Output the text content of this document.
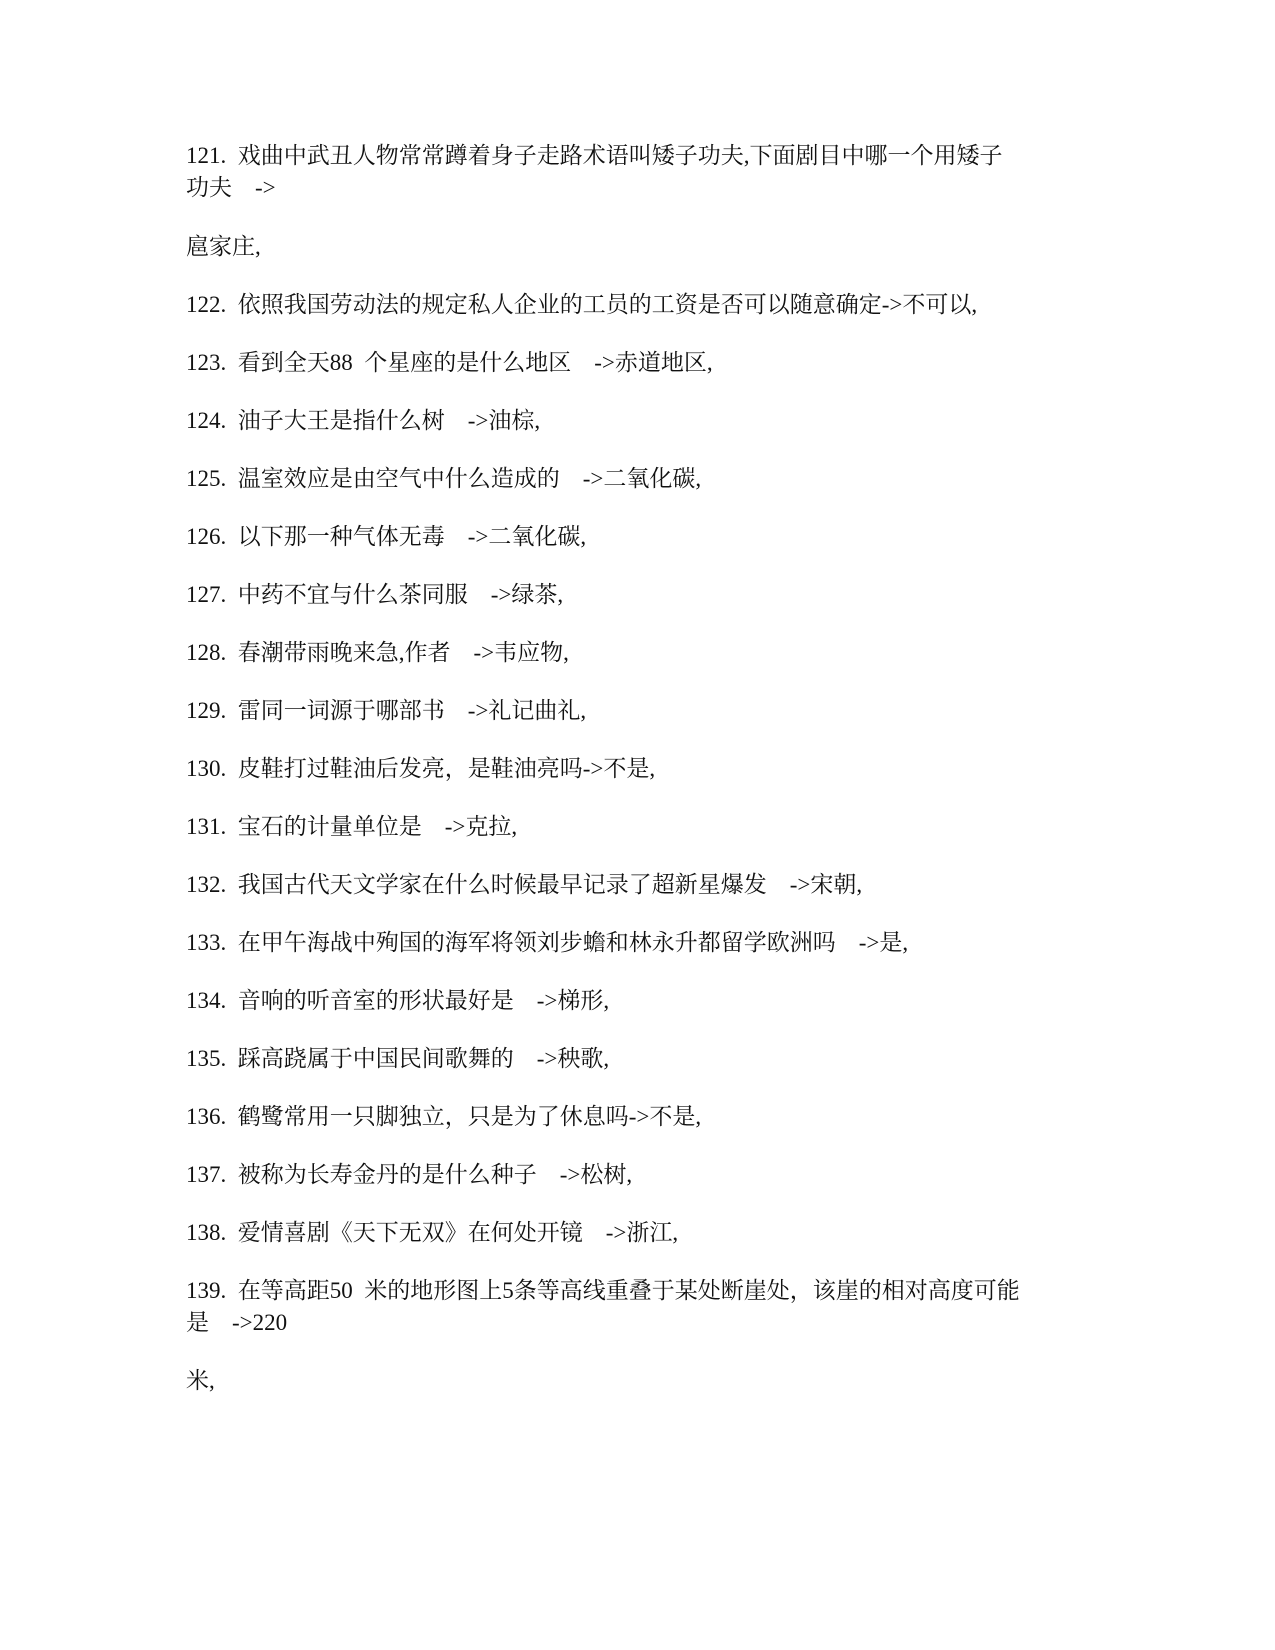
121.  戏曲中武丑人物常常蹲着身子走路术语叫矮子功夫,下面剧目中哪一个用矮子

功夫    ->

扈家庄,

122.  依照我国劳动法的规定私人企业的工员的工资是否可以随意确定->不可以,

123.  看到全天88  个星座的是什么地区    ->赤道地区,

124.  油子大王是指什么树    ->油棕,

125.  温室效应是由空气中什么造成的    ->二氧化碳,

126.  以下那一种气体无毒    ->二氧化碳,

127.  中药不宜与什么茶同服    ->绿茶,

128.  春潮带雨晚来急,作者    ->韦应物,

129.  雷同一词源于哪部书    ->礼记曲礼,

130.  皮鞋打过鞋油后发亮，是鞋油亮吗->不是,

131.  宝石的计量单位是    ->克拉,

132.  我国古代天文学家在什么时候最早记录了超新星爆发    ->宋朝,

133.  在甲午海战中殉国的海军将领刘步蟾和林永升都留学欧洲吗    ->是,

134.  音响的听音室的形状最好是    ->梯形,

135.  踩高跷属于中国民间歌舞的    ->秧歌,

136.  鹤鹭常用一只脚独立，只是为了休息吗->不是,

137.  被称为长寿金丹的是什么种子    ->松树,

138.  爱情喜剧《天下无双》在何处开镜    ->浙江,

139.  在等高距50  米的地形图上5条等高线重叠于某处断崖处，该崖的相对高度可能

是    ->220

米,
